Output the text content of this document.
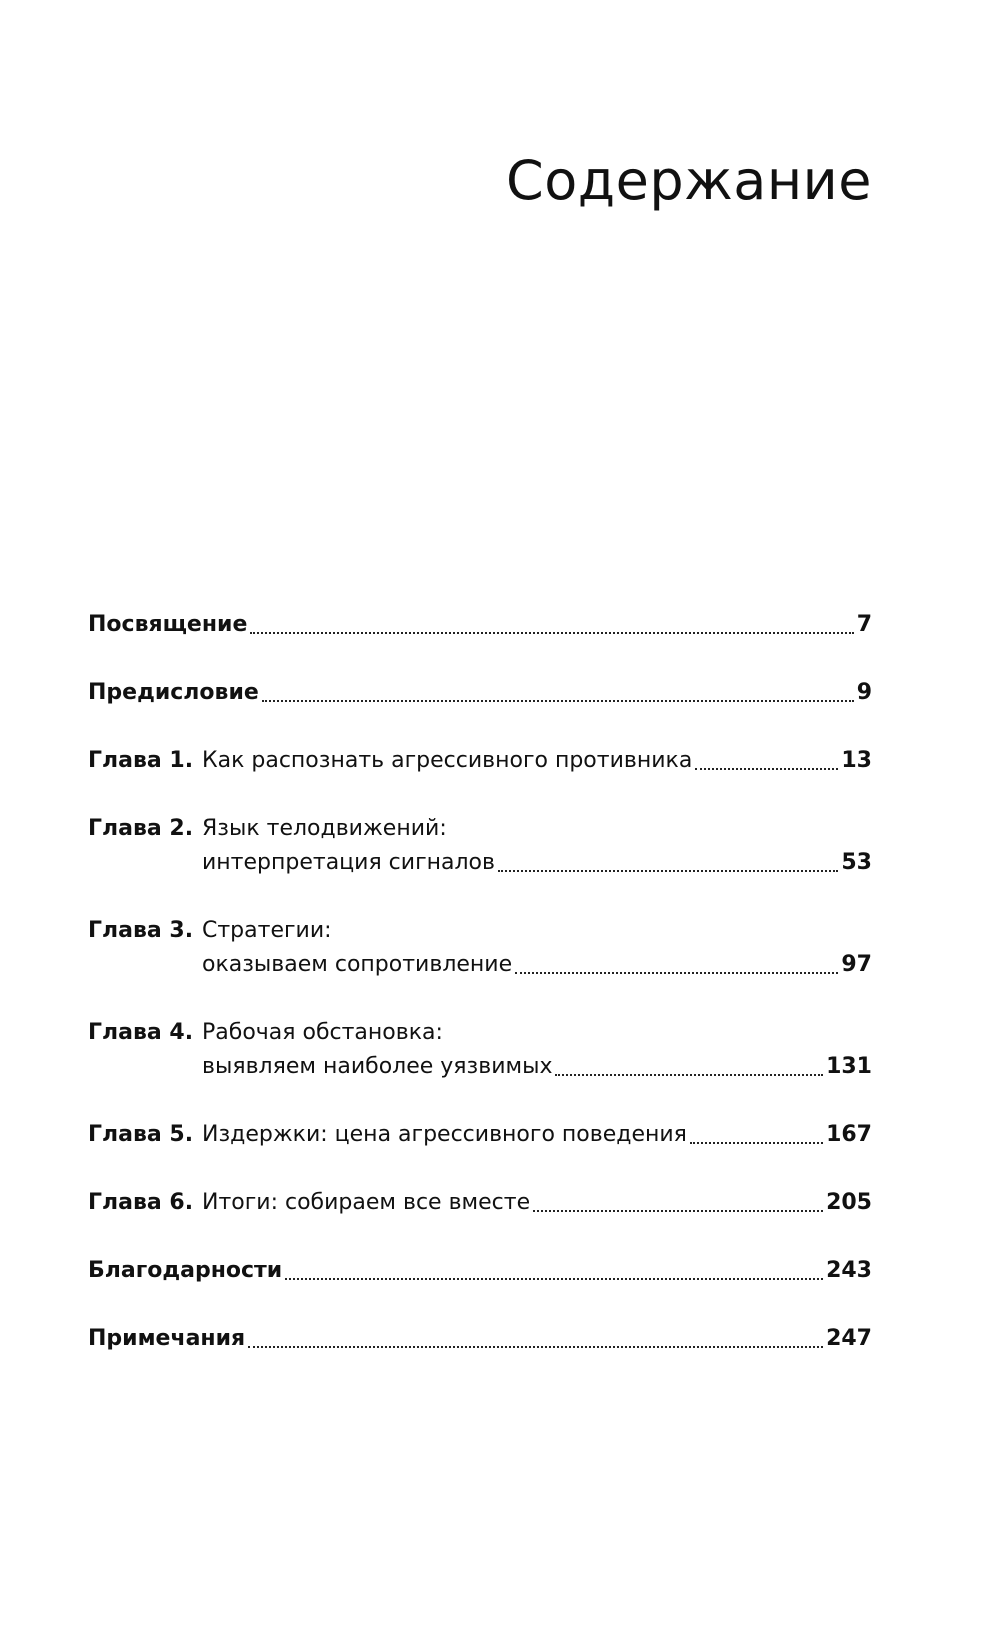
Содержание
Посвящение	7
Предисловие	9
Глава 1. Как распознать агрессивного противника	13
Глава 2. Язык телодвижений:
интерпретация сигналов	53
Глава 3. Стратегии:
оказываем сопротивление	97
Глава 4. Рабочая обстановка:
выявляем наиболее уязвимых	131
Глава 5. Издержки: цена агрессивного поведения	167
Глава 6. Итоги: собираем все вместе	205
Благодарности	243
Примечания	247
